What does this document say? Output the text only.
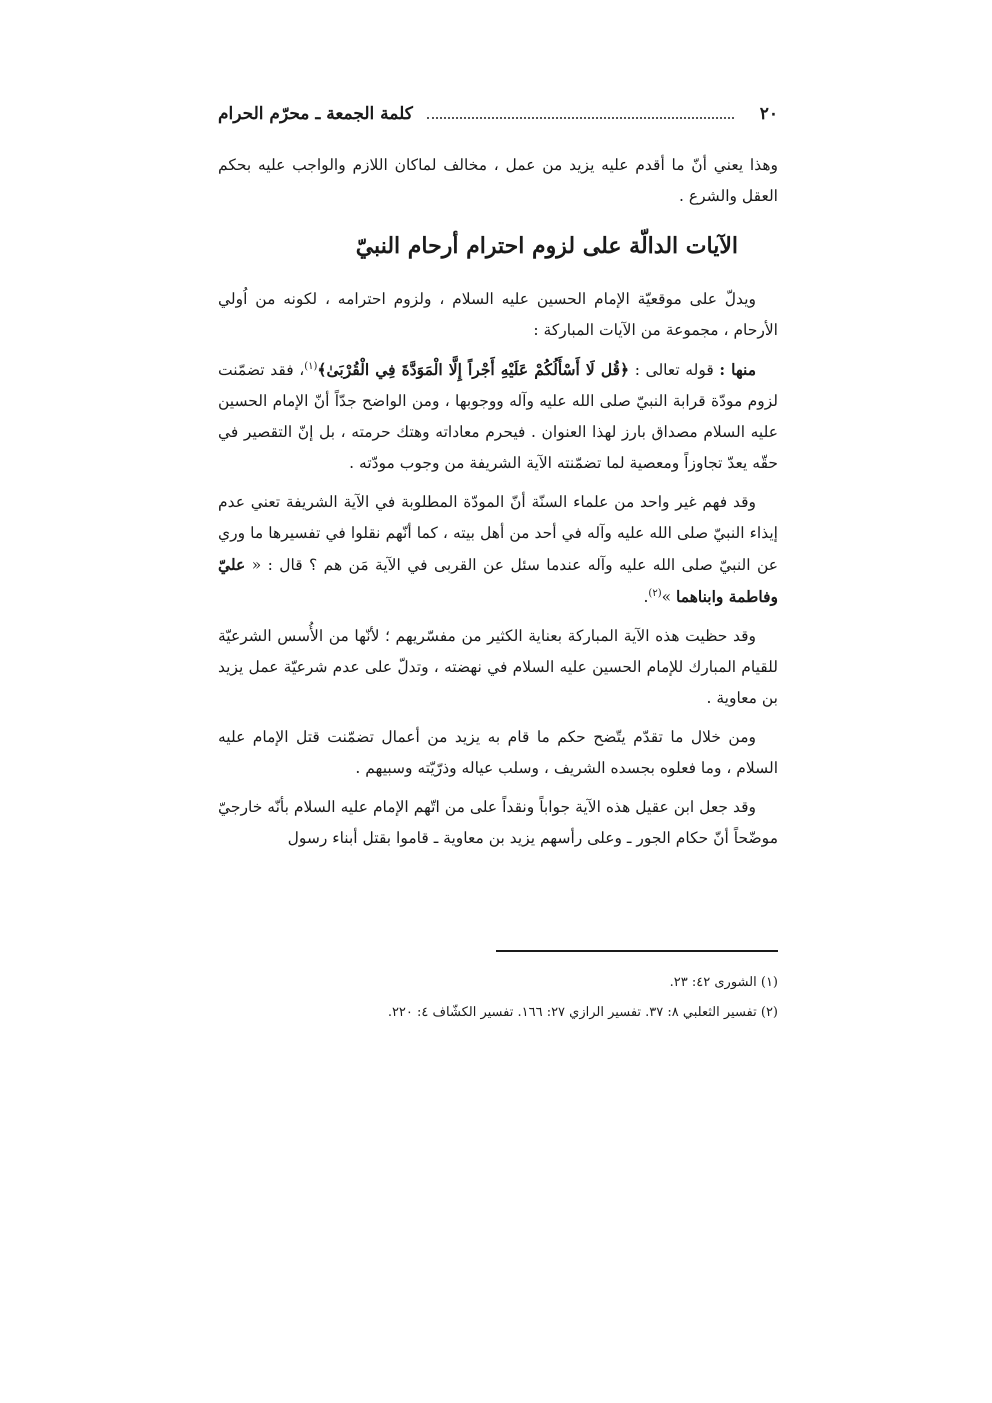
٢٠
كلمة الجمعة ـ محرّم الحرام

وهذا يعني أنّ ما أقدم عليه يزيد من عمل ، مخالف لماكان اللازم والواجب عليه بحكم العقل والشرع .

الآيات الدالّة على لزوم احترام أرحام النبيّ

ويدلّ على موقعيّة الإمام الحسين عليه السلام ، ولزوم احترامه ، لكونه من اُولي الأرحام ، مجموعة من الآيات المباركة :

منها : قوله تعالى : ﴿قُل لَا أَسْأَلُكُمْ عَلَيْهِ أَجْراً إِلَّا الْمَوَدَّةَ فِي الْقُرْبَىٰ﴾$^{(١)}$، فقد تضمّنت لزوم مودّة قرابة النبيّ صلى الله عليه وآله ووجوبها ، ومن الواضح جدّاً أنّ الإمام الحسين عليه السلام مصداق بارز لهذا العنوان . فيحرم معاداته وهتك حرمته ، بل إنّ التقصير في حقّه يعدّ تجاوزاً ومعصية لما تضمّنته الآية الشريفة من وجوب مودّته .

وقد فهم غير واحد من علماء السنّة أنّ المودّة المطلوبة في الآية الشريفة تعني عدم إيذاء النبيّ صلى الله عليه وآله في أحد من أهل بيته ، كما أنّهم نقلوا في تفسيرها ما وري عن النبيّ صلى الله عليه وآله عندما سئل عن القربى في الآية مَن هم ؟ قال : « عليّ وفاطمة وابناهما »$^{(٢)}$.

وقد حظيت هذه الآية المباركة بعناية الكثير من مفسّريهم ؛ لأنّها من الأُسس الشرعيّة للقيام المبارك للإمام الحسين عليه السلام في نهضته ، وتدلّ على عدم شرعيّة عمل يزيد بن معاوية .

ومن خلال ما تقدّم يتّضح حكم ما قام به يزيد من أعمال تضمّنت قتل الإمام عليه السلام ، وما فعلوه بجسده الشريف ، وسلب عياله وذرّيّته وسبيهم .

وقد جعل ابن عقيل هذه الآية جواباً ونقداً على من اتّهم الإمام عليه السلام بأنّه خارجيّ موضّحاً أنّ حكام الجور ـ وعلى رأسهم يزيد بن معاوية ـ قاموا بقتل أبناء رسول

(١) الشورى ٤٢: ٢٣.

(٢) تفسير الثعلبي ٨: ٣٧. تفسير الرازي ٢٧: ١٦٦. تفسير الكشّاف ٤: ٢٢٠.
